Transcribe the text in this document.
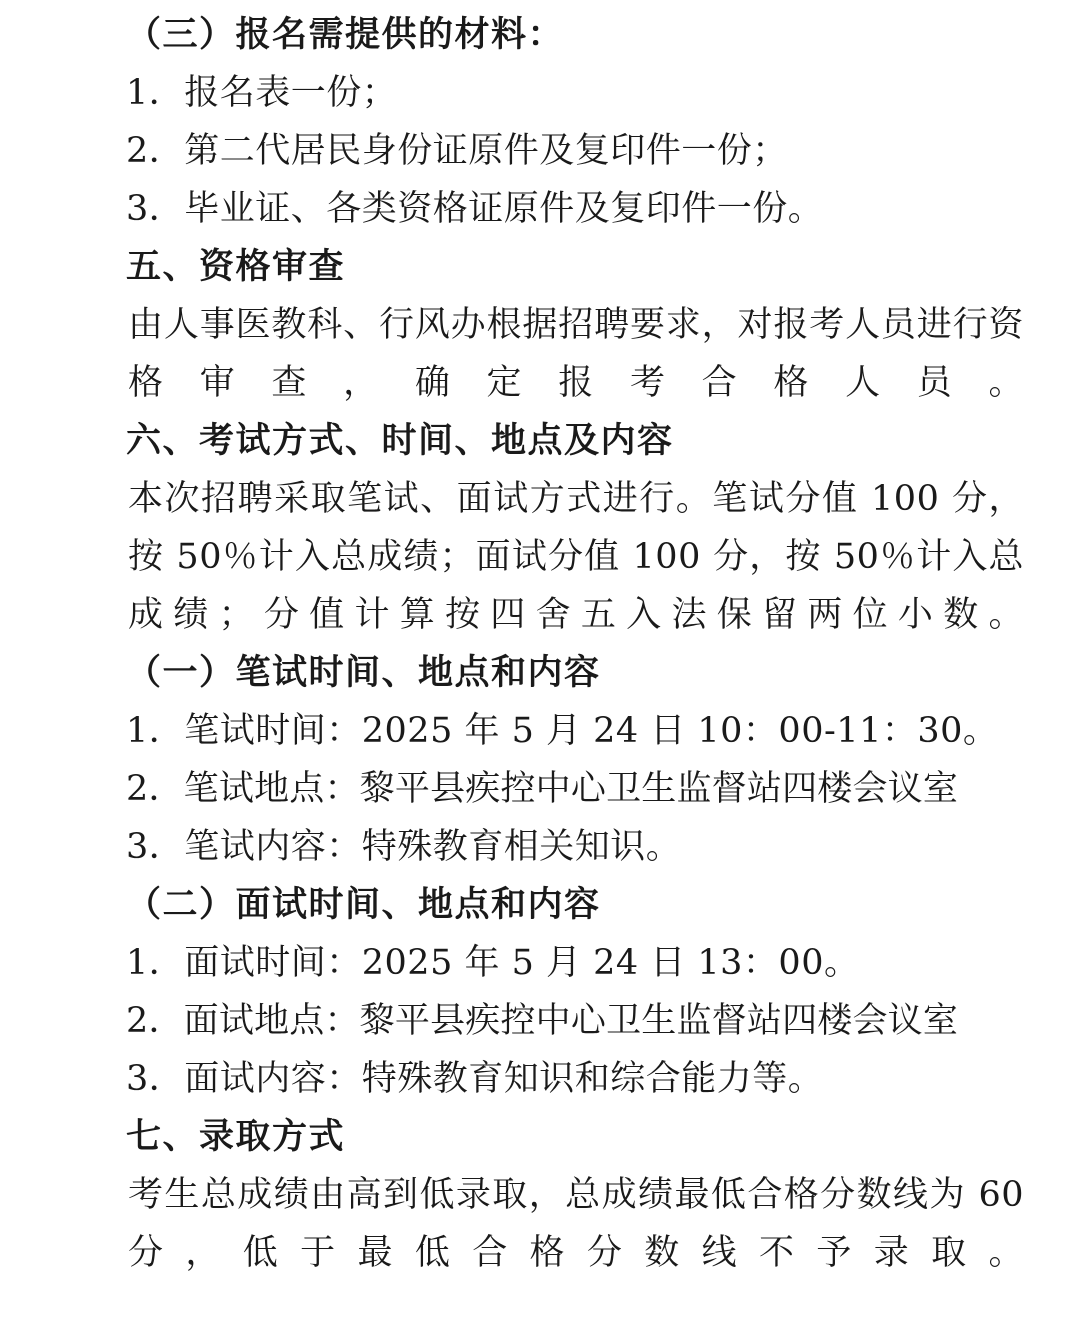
（三）报名需提供的材料：
1．报名表一份；
2．第二代居民身份证原件及复印件一份；
3．毕业证、各类资格证原件及复印件一份。
五、资格审查
由人事医教科、行风办根据招聘要求，对报考人员进行资格审查，确定报考合格人员。
六、考试方式、时间、地点及内容
本次招聘采取笔试、面试方式进行。笔试分值 100 分，按 50％计入总成绩；面试分值 100 分，按 50％计入总成绩；分值计算按四舍五入法保留两位小数。
（一）笔试时间、地点和内容
1．笔试时间：2025 年 5 月 24 日 10：00-11：30。
2．笔试地点：黎平县疾控中心卫生监督站四楼会议室
3．笔试内容：特殊教育相关知识。
（二）面试时间、地点和内容
1．面试时间：2025 年 5 月 24 日 13：00。
2．面试地点：黎平县疾控中心卫生监督站四楼会议室
3．面试内容：特殊教育知识和综合能力等。
七、录取方式
考生总成绩由高到低录取，总成绩最低合格分数线为 60 分，低于最低合格分数线不予录取。
